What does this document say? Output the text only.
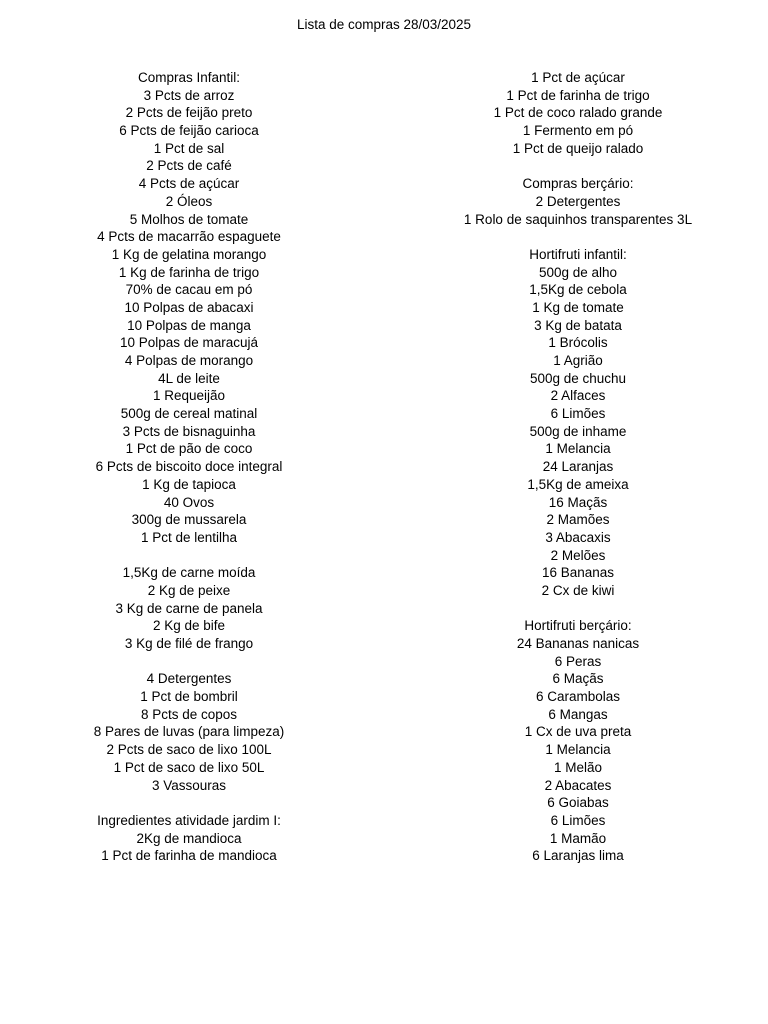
Lista de compras 28/03/2025
Compras Infantil:
3 Pcts de arroz
2 Pcts de feijão preto
6 Pcts de feijão carioca
1 Pct de sal
2 Pcts de café
4 Pcts de açúcar
2 Óleos
5 Molhos de tomate
4 Pcts de macarrão espaguete
1 Kg de gelatina morango
1 Kg de farinha de trigo
70% de cacau em pó
10 Polpas de abacaxi
10 Polpas de manga
10 Polpas de maracujá
4 Polpas de morango
4L de leite
1 Requeijão
500g de cereal matinal
3 Pcts de bisnaguinha
1 Pct de pão de coco
6 Pcts de biscoito doce integral
1 Kg de tapioca
40 Ovos
300g de mussarela
1 Pct de lentilha
1,5Kg de carne moída
2 Kg de peixe
3 Kg de carne de panela
2 Kg de bife
3 Kg de filé de frango
4 Detergentes
1 Pct de bombril
8 Pcts de copos
8 Pares de luvas (para limpeza)
2 Pcts de saco de lixo 100L
1 Pct de saco de lixo 50L
3 Vassouras
Ingredientes atividade jardim I:
2Kg de mandioca
1 Pct de farinha de mandioca
1 Pct de açúcar
1 Pct de farinha de trigo
1 Pct de coco ralado grande
1 Fermento em pó
1 Pct de queijo ralado
Compras berçário:
2 Detergentes
1 Rolo de saquinhos transparentes 3L
Hortifruti infantil:
500g de alho
1,5Kg de cebola
1 Kg de tomate
3 Kg de batata
1 Brócolis
1 Agrião
500g de chuchu
2 Alfaces
6 Limões
500g de inhame
1 Melancia
24 Laranjas
1,5Kg de ameixa
16 Maçãs
2 Mamões
3 Abacaxis
2 Melões
16 Bananas
2 Cx de kiwi
Hortifruti berçário:
24 Bananas nanicas
6 Peras
6 Maçãs
6 Carambolas
6 Mangas
1 Cx de uva preta
1 Melancia
1 Melão
2 Abacates
6 Goiabas
6 Limões
1 Mamão
6 Laranjas lima
